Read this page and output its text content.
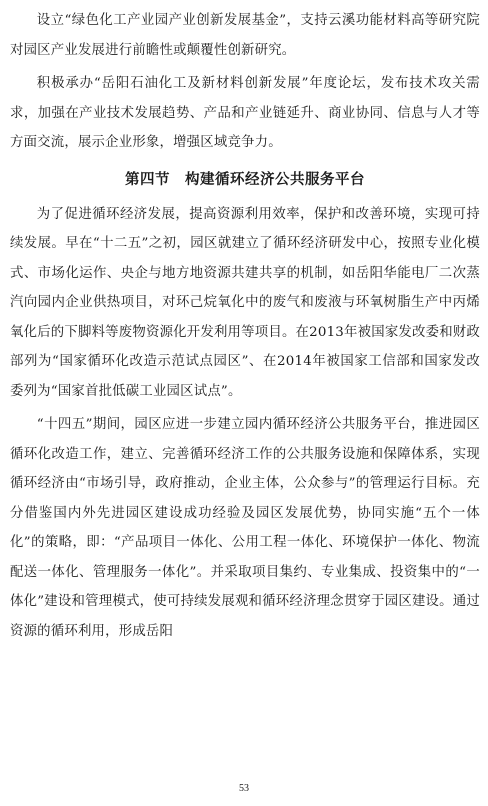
设立“绿色化工产业园产业创新发展基金”，支持云溪功能材料高等研究院对园区产业发展进行前瞻性或颠覆性创新研究。

积极承办“岳阳石油化工及新材料创新发展”年度论坛，发布技术攻关需求，加强在产业技术发展趋势、产品和产业链延升、商业协同、信息与人才等方面交流，展示企业形象，增强区域竞争力。

第四节　构建循环经济公共服务平台

为了促进循环经济发展，提高资源利用效率，保护和改善环境，实现可持续发展。早在“十二五”之初，园区就建立了循环经济研发中心，按照专业化模式、市场化运作、央企与地方地资源共建共享的机制，如岳阳华能电厂二次蒸汽向园内企业供热项目，对环己烷氧化中的废气和废液与环氧树脂生产中丙烯氧化后的下脚料等废物资源化开发利用等项目。在2013年被国家发改委和财政部列为“国家循环化改造示范试点园区”、在2014年被国家工信部和国家发改委列为“国家首批低碳工业园区试点”。

“十四五”期间，园区应进一步建立园内循环经济公共服务平台，推进园区循环化改造工作，建立、完善循环经济工作的公共服务设施和保障体系，实现循环经济由“市场引导，政府推动，企业主体，公众参与”的管理运行目标。充分借鉴国内外先进园区建设成功经验及园区发展优势，协同实施“五个一体化”的策略，即：“产品项目一体化、公用工程一体化、环境保护一体化、物流配送一体化、管理服务一体化”。并采取项目集约、专业集成、投资集中的“一体化”建设和管理模式，使可持续发展观和循环经济理念贯穿于园区建设。通过资源的循环利用，形成岳阳

53
